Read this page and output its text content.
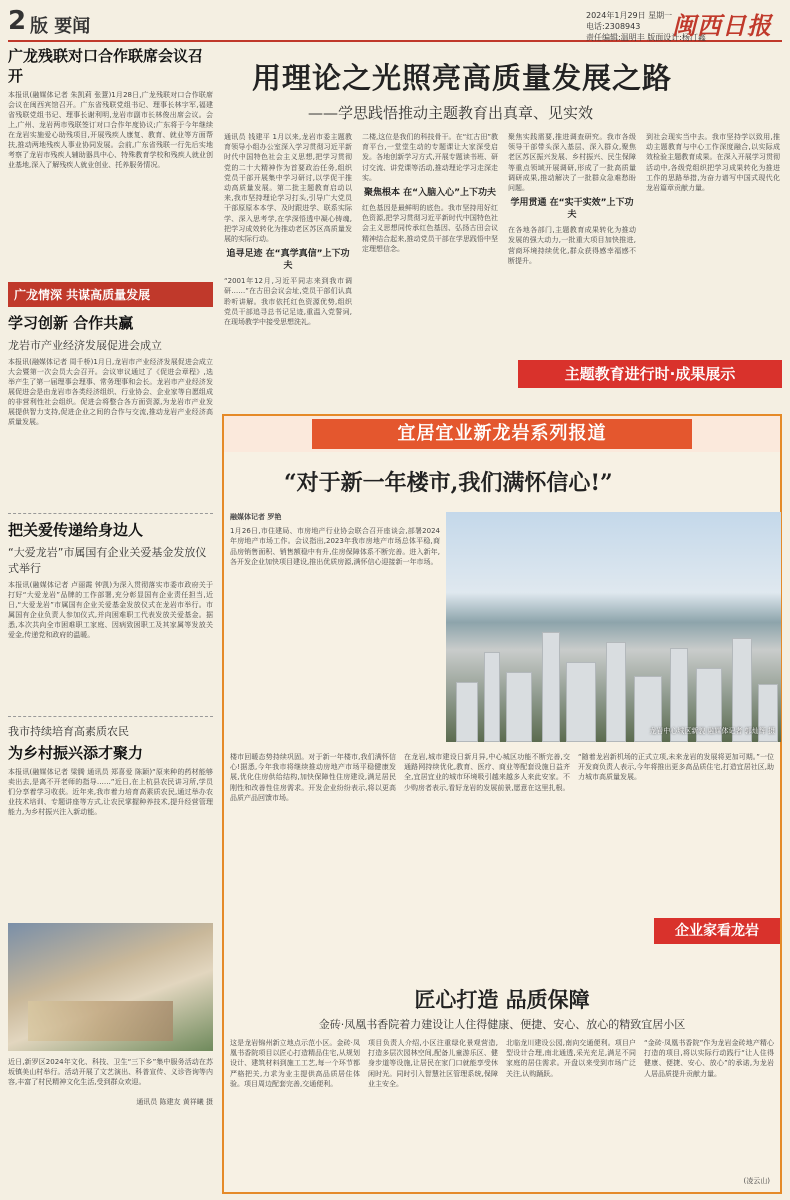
2 版 要闻
2024年1月29日 星期一
电话:2308943
责任编辑:温明丰 版面设计:杨汀鑫
闽西日报
广龙残联对口合作联席会议召开
本报讯(融媒体记者 朱凯莉 张薏)1月28日,广龙残联对口合作联席会议在闽西宾馆召开。广东省残联党组书记、理事长林宇军,福建省残联党组书记、理事长谢利明,龙岩市副市长林俊出席会议。会上,广州、龙岩两市残联签订对口合作年度协议;广东将于今年继续在龙岩实施爱心助残项目,开展残疾人康复、教育、就业等方面帮扶,推动两地残疾人事业协同发展。会前,广东省残联一行先后实地考察了龙岩市残疾人辅助器具中心、特殊教育学校和残疾人就业创业基地,深入了解残疾人就业创业、托养服务情况。
广龙情深 共谋高质量发展
学习创新 合作共赢
龙岩市产业经济发展促进会成立
本报讯(融媒体记者 周千桥)1月日,龙岩市产业经济发展促进会成立大会暨第一次会员大会召开。会议审议通过了《促进会章程》,选举产生了第一届理事会理事、常务理事和会长。龙岩市产业经济发展促进会是由龙岩市各类经济组织、行业协会、企业家等自愿组成的非营利性社会组织。促进会将整合各方面资源,为龙岩市产业发展提供智力支持,促进企业之间的合作与交流,推动龙岩产业经济高质量发展。
把关爱传递给身边人
“大爱龙岩”市属国有企业关爱基金发放仪式举行
本报讯(融媒体记者 卢丽霞 钟凯)为深入贯彻落实市委市政府关于打好“大爱龙岩”品牌的工作部署,充分彰显国有企业责任担当,近日,“大爱龙岩”市属国有企业关爱基金发放仪式在龙岩市举行。市属国有企业负责人参加仪式,并向困难职工代表发放关爱基金。据悉,本次共向全市困难职工家庭、因病致困职工及其家属等发放关爱金,传递党和政府的温暖。
我市持续培育高素质农民
为乡村振兴添才聚力
本报讯(融媒体记者 梁腾 通讯员 郑喜爱 陈颖)“原来种的药材能够卖出去,是离不开老师的指导……”近日,在上杭县农民讲习所,学员们分享着学习收获。近年来,我市着力培育高素质农民,通过举办农业技术培训、专题讲座等方式,让农民掌握种养技术,提升经营管理能力,为乡村振兴注入新动能。
近日,新罗区2024年文化、科技、卫生“三下乡”集中服务活动在苏坂镇美山村举行。活动开展了文艺演出、科普宣传、义诊咨询等内容,丰富了村民精神文化生活,受到群众欢迎。
通讯员 陈建友 黄祥曦 摄
用理论之光照亮高质量发展之路
——学思践悟推动主题教育出真章、见实效
通讯员 钱建平 1月以来,龙岩市委主题教育领导小组办公室深入学习贯彻习近平新时代中国特色社会主义思想,把学习贯彻党的二十大精神作为首要政治任务,组织党员干部开展集中学习研讨,以学促干推动高质量发展。第二批主题教育启动以来,我市坚持理论学习打头,引导广大党员干部原原本本学、及时跟进学、联系实际学、深入思考学,在学深悟透中凝心铸魂,把学习成效转化为推动老区苏区高质量发展的实际行动。
追寻足迹 在“真学真信”上下功夫
“2001年12月,习近平同志来到我市调研……”在古田会议会址,党员干部们认真聆听讲解。我市依托红色资源优势,组织党员干部追寻总书记足迹,重温入党誓词,在现场教学中接受思想洗礼。
二楼,这位是我们的科技骨干。在“红古田”教育平台,一堂堂生动的专题课让大家深受启发。各地创新学习方式,开展专题读书班、研讨交流、讲党课等活动,推动理论学习走深走实。
聚焦根本 在“入脑入心”上下功夫
红色基因是最鲜明的底色。我市坚持用好红色资源,把学习贯彻习近平新时代中国特色社会主义思想同传承红色基因、弘扬古田会议精神结合起来,推动党员干部在学思践悟中坚定理想信念。
聚焦实践需要,推进调查研究。我市各级领导干部带头深入基层、深入群众,聚焦老区苏区振兴发展、乡村振兴、民生保障等重点领域开展调研,形成了一批高质量调研成果,推动解决了一批群众急难愁盼问题。
学用贯通 在“实干实效”上下功夫
在各地各部门,主题教育成果转化为推动发展的强大动力,一批重大项目加快推进,营商环境持续优化,群众获得感幸福感不断提升。
到社会现实当中去。我市坚持学以致用,推动主题教育与中心工作深度融合,以实际成效检验主题教育成果。在深入开展学习贯彻活动中,各级党组织把学习成果转化为推进工作的思路举措,为奋力谱写中国式现代化龙岩篇章贡献力量。
主题教育进行时·成果展示
宜居宜业新龙岩系列报道
“对于新一年楼市,我们满怀信心!”
融媒体记者 罗艳
1月26日,市住建局、市房地产行业协会联合召开座谈会,部署2024年房地产市场工作。会议指出,2023年我市房地产市场总体平稳,商品房销售面积、销售额稳中有升,住房保障体系不断完善。进入新年,各开发企业加快项目建设,推出优质房源,满怀信心迎接新一年市场。
龙岩中心城区新貌 融媒体记者 郭灿辉 摄
楼市回暖态势持续巩固。对于新一年楼市,我们满怀信心!据悉,今年我市将继续推动房地产市场平稳健康发展,优化住房供给结构,加快保障性住房建设,满足居民刚性和改善性住房需求。开发企业纷纷表示,将以更高品质产品回馈市场。
在龙岩,城市建设日新月异,中心城区功能不断完善,交通路网持续优化,教育、医疗、商业等配套设施日益齐全,宜居宜业的城市环境吸引越来越多人来此安家。不少购房者表示,看好龙岩的发展前景,愿意在这里扎根。
“随着龙岩新机场的正式立项,未来龙岩的发展将更加可期。”一位开发商负责人表示,今年将推出更多高品质住宅,打造宜居社区,助力城市高质量发展。
企业家看龙岩
匠心打造 品质保障
金砖·凤凰书香院着力建设让人住得健康、便捷、安心、放心的精致宜居小区
这是龙岩锦州新立地点示范小区。金砖·凤凰书香院项目以匠心打造精品住宅,从规划设计、建筑材料到施工工艺,每一个环节都严格把关,力求为业主提供高品质居住体验。项目周边配套完善,交通便利。
项目负责人介绍,小区注重绿化景观营造,打造多层次园林空间,配备儿童游乐区、健身步道等设施,让居民在家门口就能享受休闲时光。同时引入智慧社区管理系统,保障业主安全。
北临龙川建设公园,南向交通便利。项目户型设计合理,南北通透,采光充足,满足不同家庭的居住需求。开盘以来受到市场广泛关注,认购踊跃。
“金砖·凤凰书香院”作为龙岩金砖地产精心打造的项目,将以实际行动践行“让人住得健康、便捷、安心、放心”的承诺,为龙岩人居品质提升贡献力量。
(凌云山)
